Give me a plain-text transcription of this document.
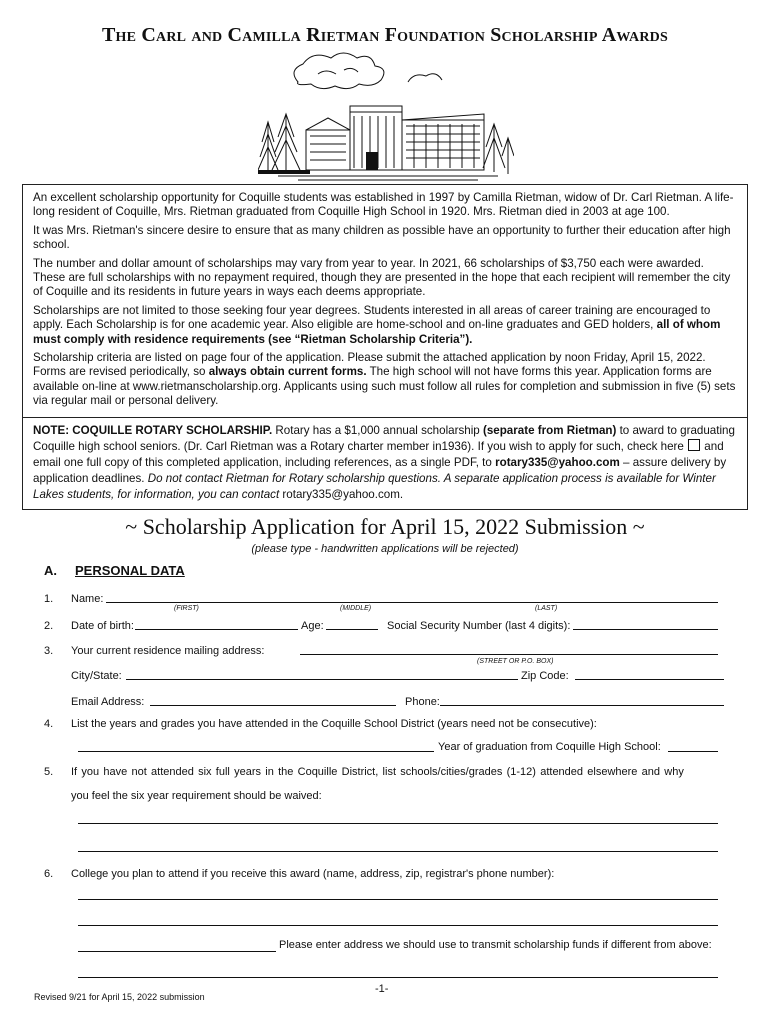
The Carl and Camilla Rietman Foundation Scholarship Awards

An excellent scholarship opportunity for Coquille students was established in 1997 by Camilla Rietman, widow of Dr. Carl Rietman. A life-long resident of Coquille, Mrs. Rietman graduated from Coquille High School in 1920. Mrs. Rietman died in 2003 at age 100.

It was Mrs. Rietman's sincere desire to ensure that as many children as possible have an opportunity to further their education after high school.

The number and dollar amount of scholarships may vary from year to year. In 2021, 66 scholarships of $3,750 each were awarded. These are full scholarships with no repayment required, though they are presented in the hope that each recipient will remember the city of Coquille and its residents in future years in ways each deems appropriate.

Scholarships are not limited to those seeking four year degrees. Students interested in all areas of career training are encouraged to apply. Each Scholarship is for one academic year. Also eligible are home-school and on-line graduates and GED holders, all of whom must comply with residence requirements (see “Rietman Scholarship Criteria”).

Scholarship criteria are listed on page four of the application. Please submit the attached application by noon Friday, April 15, 2022. Forms are revised periodically, so always obtain current forms. The high school will not have forms this year. Application forms are available on-line at www.rietmanscholarship.org. Applicants using such must follow all rules for completion and submission in five (5) sets via regular mail or personal delivery.

NOTE: COQUILLE ROTARY SCHOLARSHIP. Rotary has a $1,000 annual scholarship (separate from Rietman) to award to graduating Coquille high school seniors. (Dr. Carl Rietman was a Rotary charter member in1936). If you wish to apply for such, check here and email one full copy of this completed application, including references, as a single PDF, to rotary335@yahoo.com – assure delivery by application deadlines. Do not contact Rietman for Rotary scholarship questions. A separate application process is available for Winter Lakes students, for information, you can contact rotary335@yahoo.com.
~ Scholarship Application for April 15, 2022 Submission ~
(please type - handwritten applications will be rejected)
A. PERSONAL DATA
1. Name:
(FIRST)	(MIDDLE)	(LAST)
2. Date of birth:	Age:	Social Security Number (last 4 digits):
3. Your current residence mailing address:
(STREET OR P.O. BOX)
City/State:	Zip Code:
Email Address:	Phone:
4. List the years and grades you have attended in the Coquille School District (years need not be consecutive):
Year of graduation from Coquille High School:
5. If you have not attended six full years in the Coquille District, list schools/cities/grades (1-12) attended elsewhere and why
you feel the six year requirement should be waived:
6. College you plan to attend if you receive this award (name, address, zip, registrar's phone number):
Please enter address we should use to transmit scholarship funds if different from above:
-1-
Revised 9/21 for April 15, 2022 submission
